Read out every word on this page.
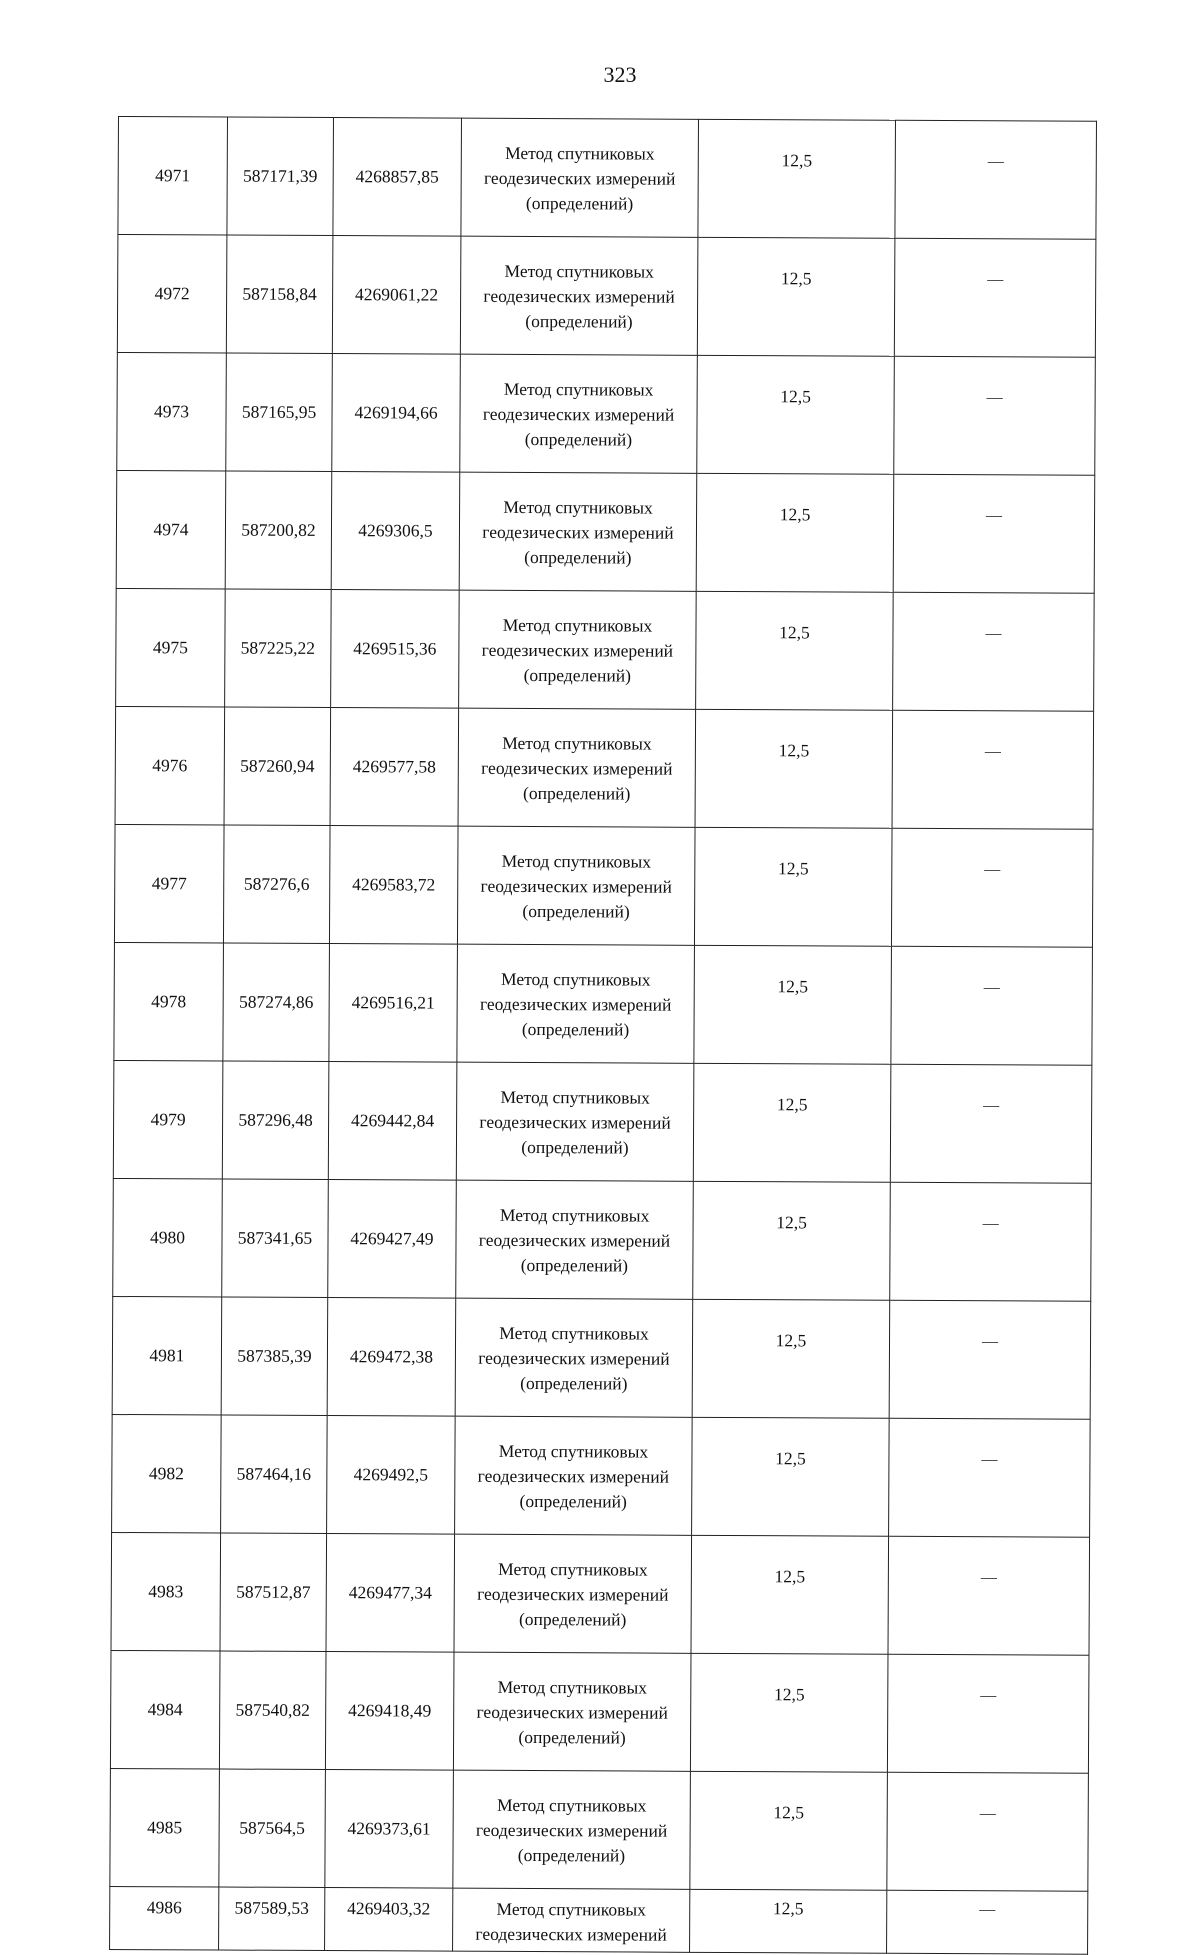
323
4971	587171,39	4268857,85	Метод спутниковых
геодезических измерений
(определений)	12,5	—
4972	587158,84	4269061,22	Метод спутниковых
геодезических измерений
(определений)	12,5	—
4973	587165,95	4269194,66	Метод спутниковых
геодезических измерений
(определений)	12,5	—
4974	587200,82	4269306,5	Метод спутниковых
геодезических измерений
(определений)	12,5	—
4975	587225,22	4269515,36	Метод спутниковых
геодезических измерений
(определений)	12,5	—
4976	587260,94	4269577,58	Метод спутниковых
геодезических измерений
(определений)	12,5	—
4977	587276,6	4269583,72	Метод спутниковых
геодезических измерений
(определений)	12,5	—
4978	587274,86	4269516,21	Метод спутниковых
геодезических измерений
(определений)	12,5	—
4979	587296,48	4269442,84	Метод спутниковых
геодезических измерений
(определений)	12,5	—
4980	587341,65	4269427,49	Метод спутниковых
геодезических измерений
(определений)	12,5	—
4981	587385,39	4269472,38	Метод спутниковых
геодезических измерений
(определений)	12,5	—
4982	587464,16	4269492,5	Метод спутниковых
геодезических измерений
(определений)	12,5	—
4983	587512,87	4269477,34	Метод спутниковых
геодезических измерений
(определений)	12,5	—
4984	587540,82	4269418,49	Метод спутниковых
геодезических измерений
(определений)	12,5	—
4985	587564,5	4269373,61	Метод спутниковых
геодезических измерений
(определений)	12,5	—
4986	587589,53	4269403,32	Метод спутниковых
геодезических измерений	12,5	—
